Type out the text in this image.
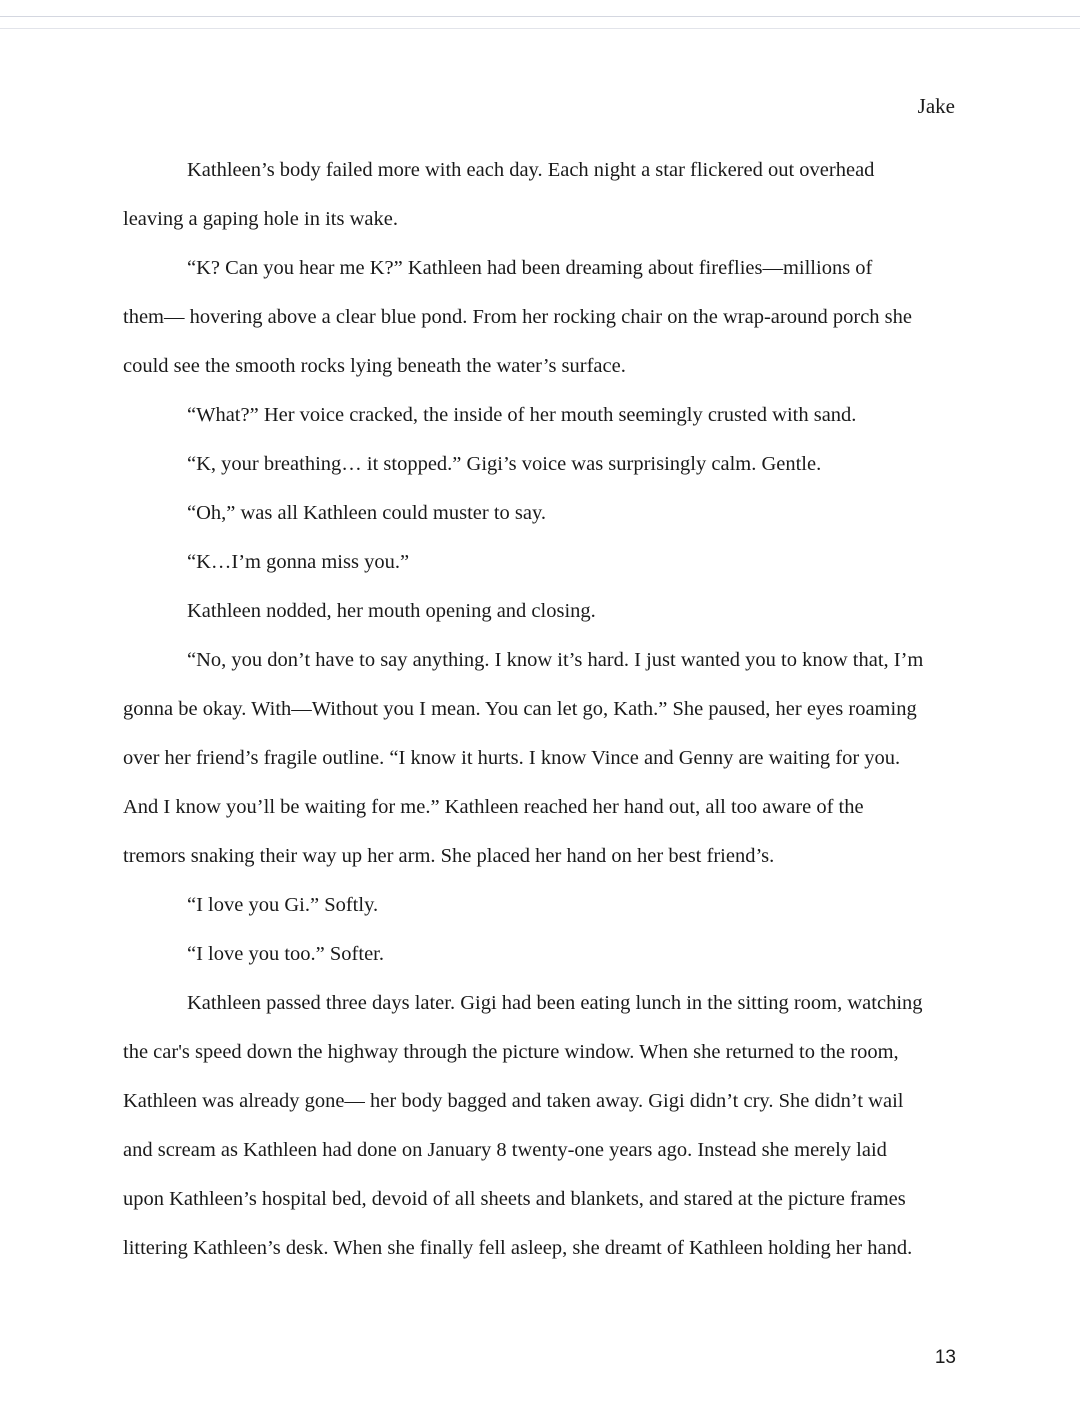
Jake

Kathleen’s body failed more with each day. Each night a star flickered out overhead
leaving a gaping hole in its wake.

“K? Can you hear me K?” Kathleen had been dreaming about fireflies—millions of
them— hovering above a clear blue pond. From her rocking chair on the wrap-around porch she
could see the smooth rocks lying beneath the water’s surface.

“What?” Her voice cracked, the inside of her mouth seemingly crusted with sand.

“K, your breathing… it stopped.” Gigi’s voice was surprisingly calm. Gentle.

“Oh,” was all Kathleen could muster to say.

“K…I’m gonna miss you.”

Kathleen nodded, her mouth opening and closing.

“No, you don’t have to say anything. I know it’s hard. I just wanted you to know that, I’m
gonna be okay. With—Without you I mean. You can let go, Kath.” She paused, her eyes roaming
over her friend’s fragile outline. “I know it hurts. I know Vince and Genny are waiting for you.
And I know you’ll be waiting for me.” Kathleen reached her hand out, all too aware of the
tremors snaking their way up her arm. She placed her hand on her best friend’s.

“I love you Gi.” Softly.

“I love you too.” Softer.

Kathleen passed three days later. Gigi had been eating lunch in the sitting room, watching
the car's speed down the highway through the picture window. When she returned to the room,
Kathleen was already gone— her body bagged and taken away. Gigi didn’t cry. She didn’t wail
and scream as Kathleen had done on January 8 twenty-one years ago. Instead she merely laid
upon Kathleen’s hospital bed, devoid of all sheets and blankets, and stared at the picture frames
littering Kathleen’s desk. When she finally fell asleep, she dreamt of Kathleen holding her hand.

13
